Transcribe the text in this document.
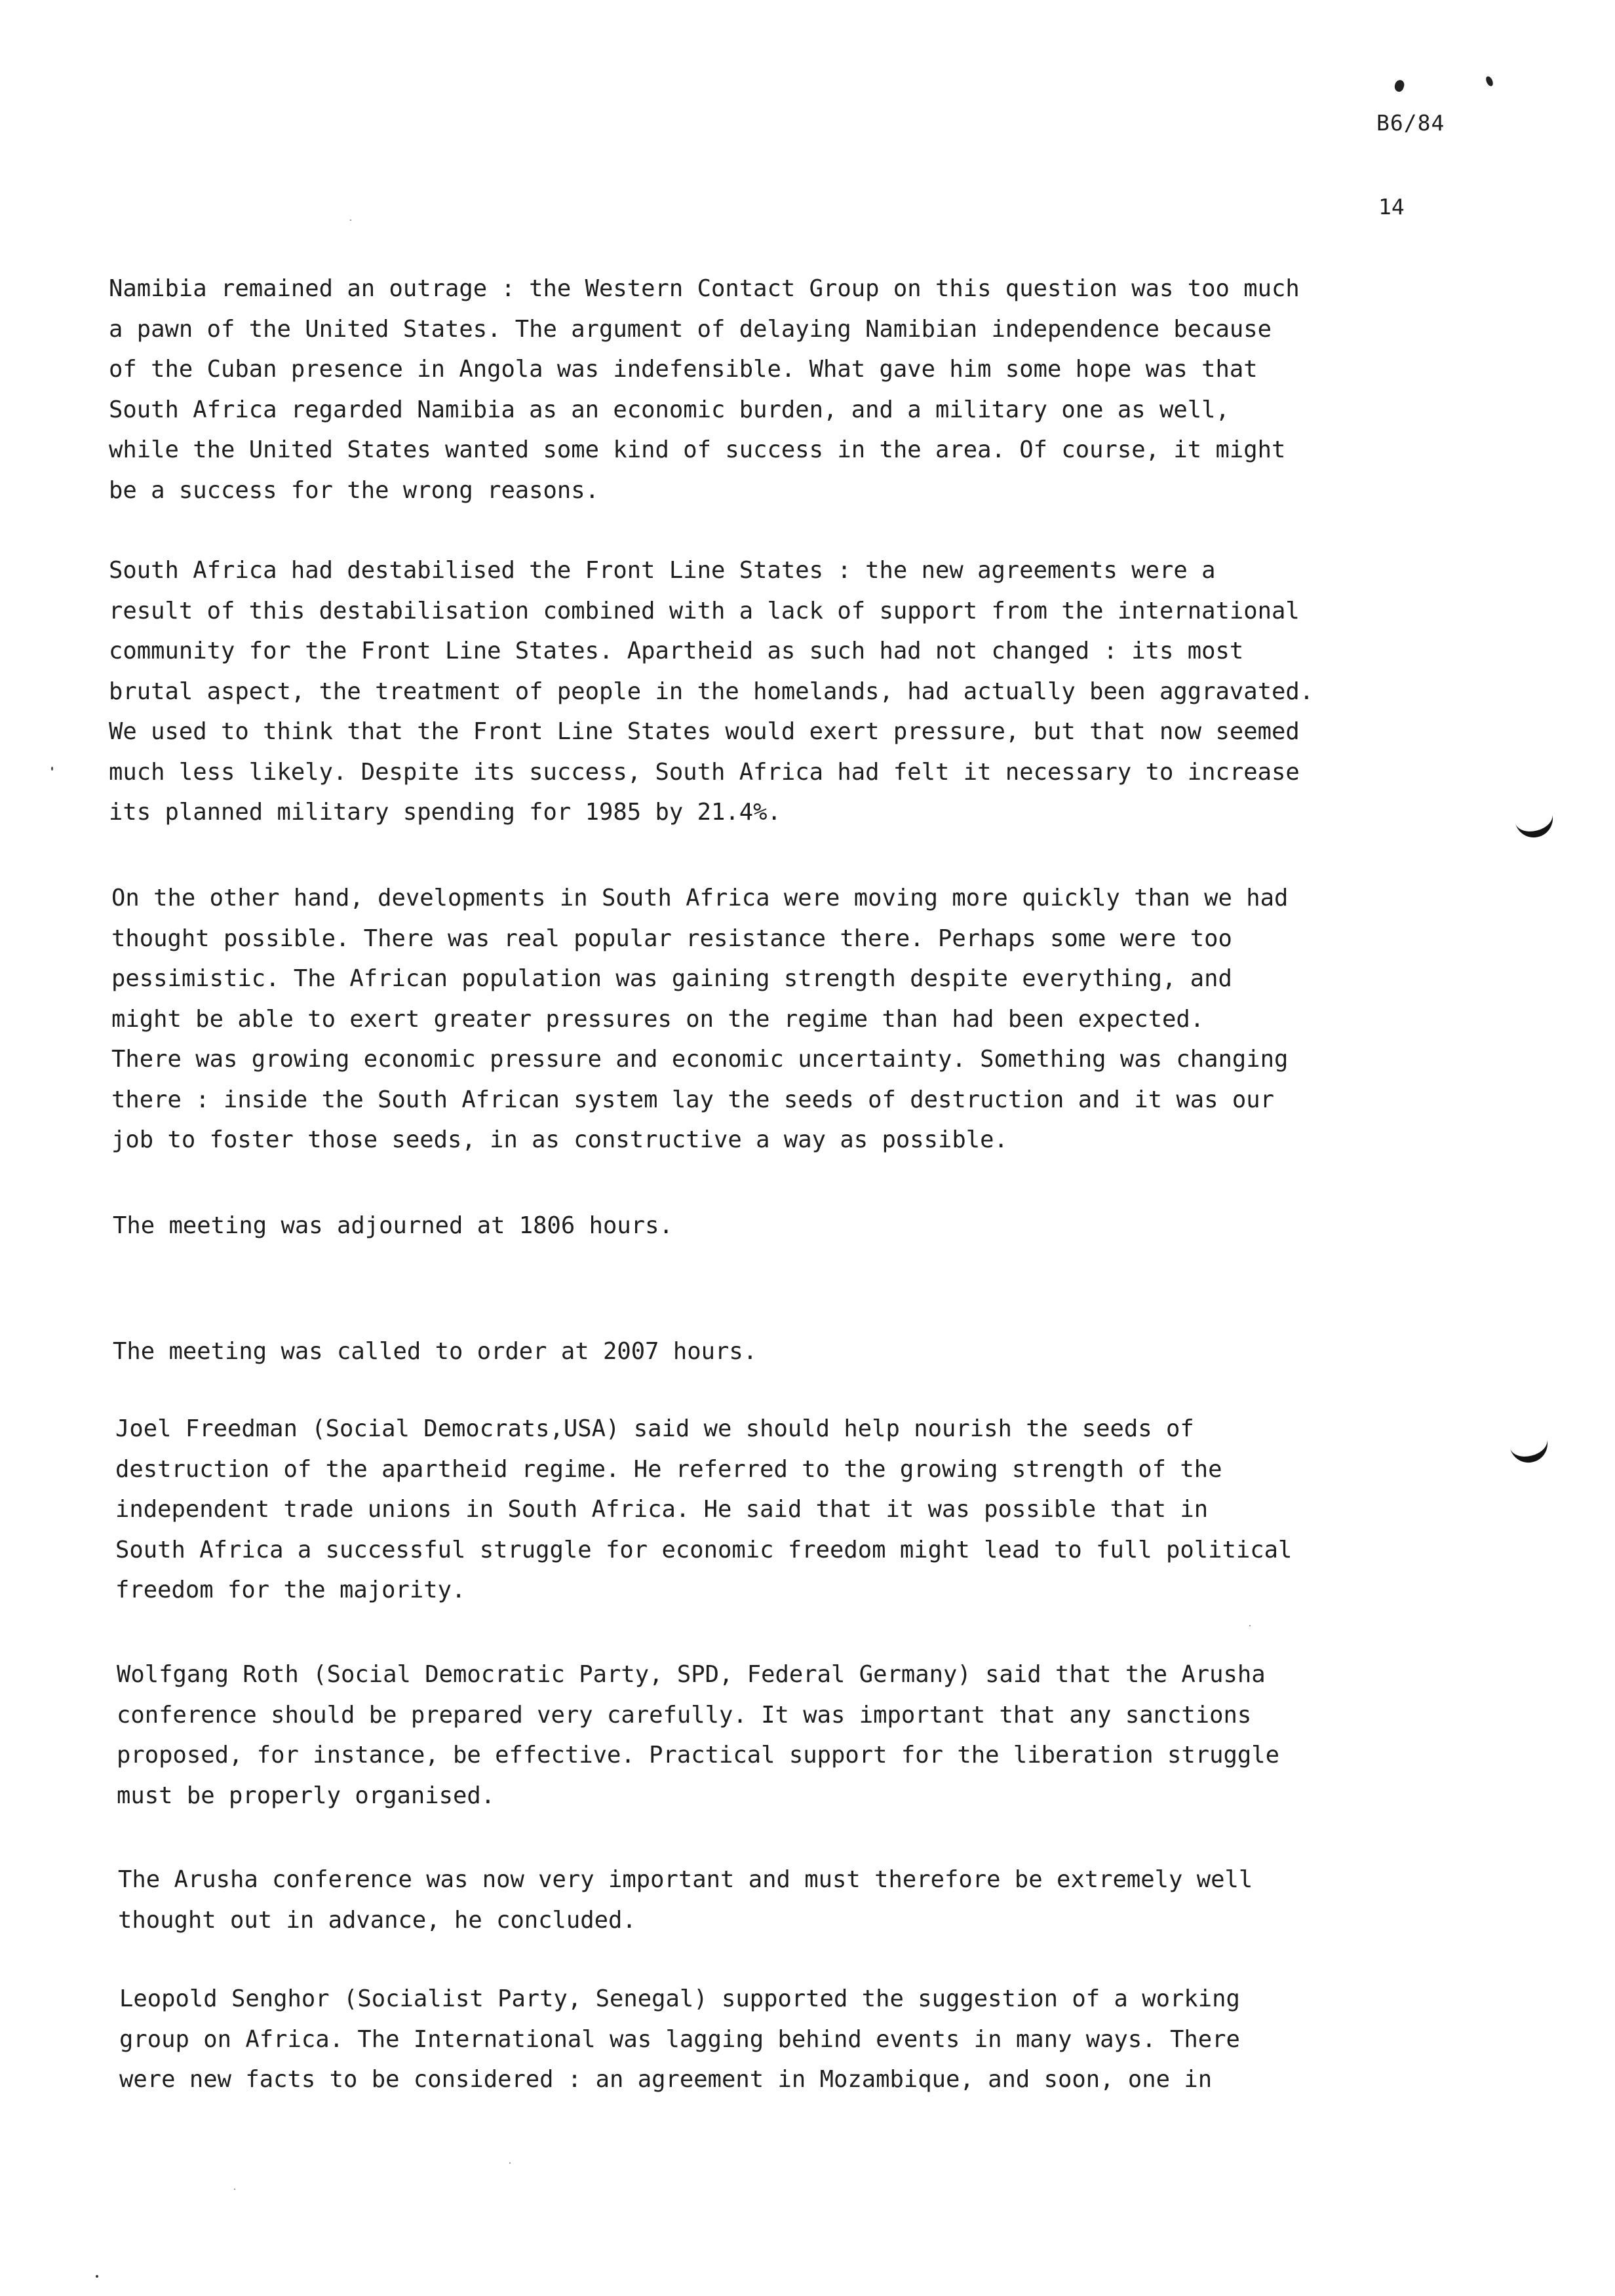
B6/84
14

Namibia remained an outrage : the Western Contact Group on this question was too much
a pawn of the United States. The argument of delaying Namibian independence because
of the Cuban presence in Angola was indefensible. What gave him some hope was that
South Africa regarded Namibia as an economic burden, and a military one as well,
while the United States wanted some kind of success in the area. Of course, it might
be a success for the wrong reasons.

South Africa had destabilised the Front Line States : the new agreements were a
result of this destabilisation combined with a lack of support from the international
community for the Front Line States. Apartheid as such had not changed : its most
brutal aspect, the treatment of people in the homelands, had actually been aggravated.
We used to think that the Front Line States would exert pressure, but that now seemed
much less likely. Despite its success, South Africa had felt it necessary to increase
its planned military spending for 1985 by 21.4%.

On the other hand, developments in South Africa were moving more quickly than we had
thought possible. There was real popular resistance there. Perhaps some were too
pessimistic. The African population was gaining strength despite everything, and
might be able to exert greater pressures on the regime than had been expected.
There was growing economic pressure and economic uncertainty. Something was changing
there : inside the South African system lay the seeds of destruction and it was our
job to foster those seeds, in as constructive a way as possible.

The meeting was adjourned at 1806 hours.

The meeting was called to order at 2007 hours.

Joel Freedman (Social Democrats,USA) said we should help nourish the seeds of
destruction of the apartheid regime. He referred to the growing strength of the
independent trade unions in South Africa. He said that it was possible that in
South Africa a successful struggle for economic freedom might lead to full political
freedom for the majority.

Wolfgang Roth (Social Democratic Party, SPD, Federal Germany) said that the Arusha
conference should be prepared very carefully. It was important that any sanctions
proposed, for instance, be effective. Practical support for the liberation struggle
must be properly organised.

The Arusha conference was now very important and must therefore be extremely well
thought out in advance, he concluded.

Leopold Senghor (Socialist Party, Senegal) supported the suggestion of a working
group on Africa. The International was lagging behind events in many ways. There
were new facts to be considered : an agreement in Mozambique, and soon, one in
